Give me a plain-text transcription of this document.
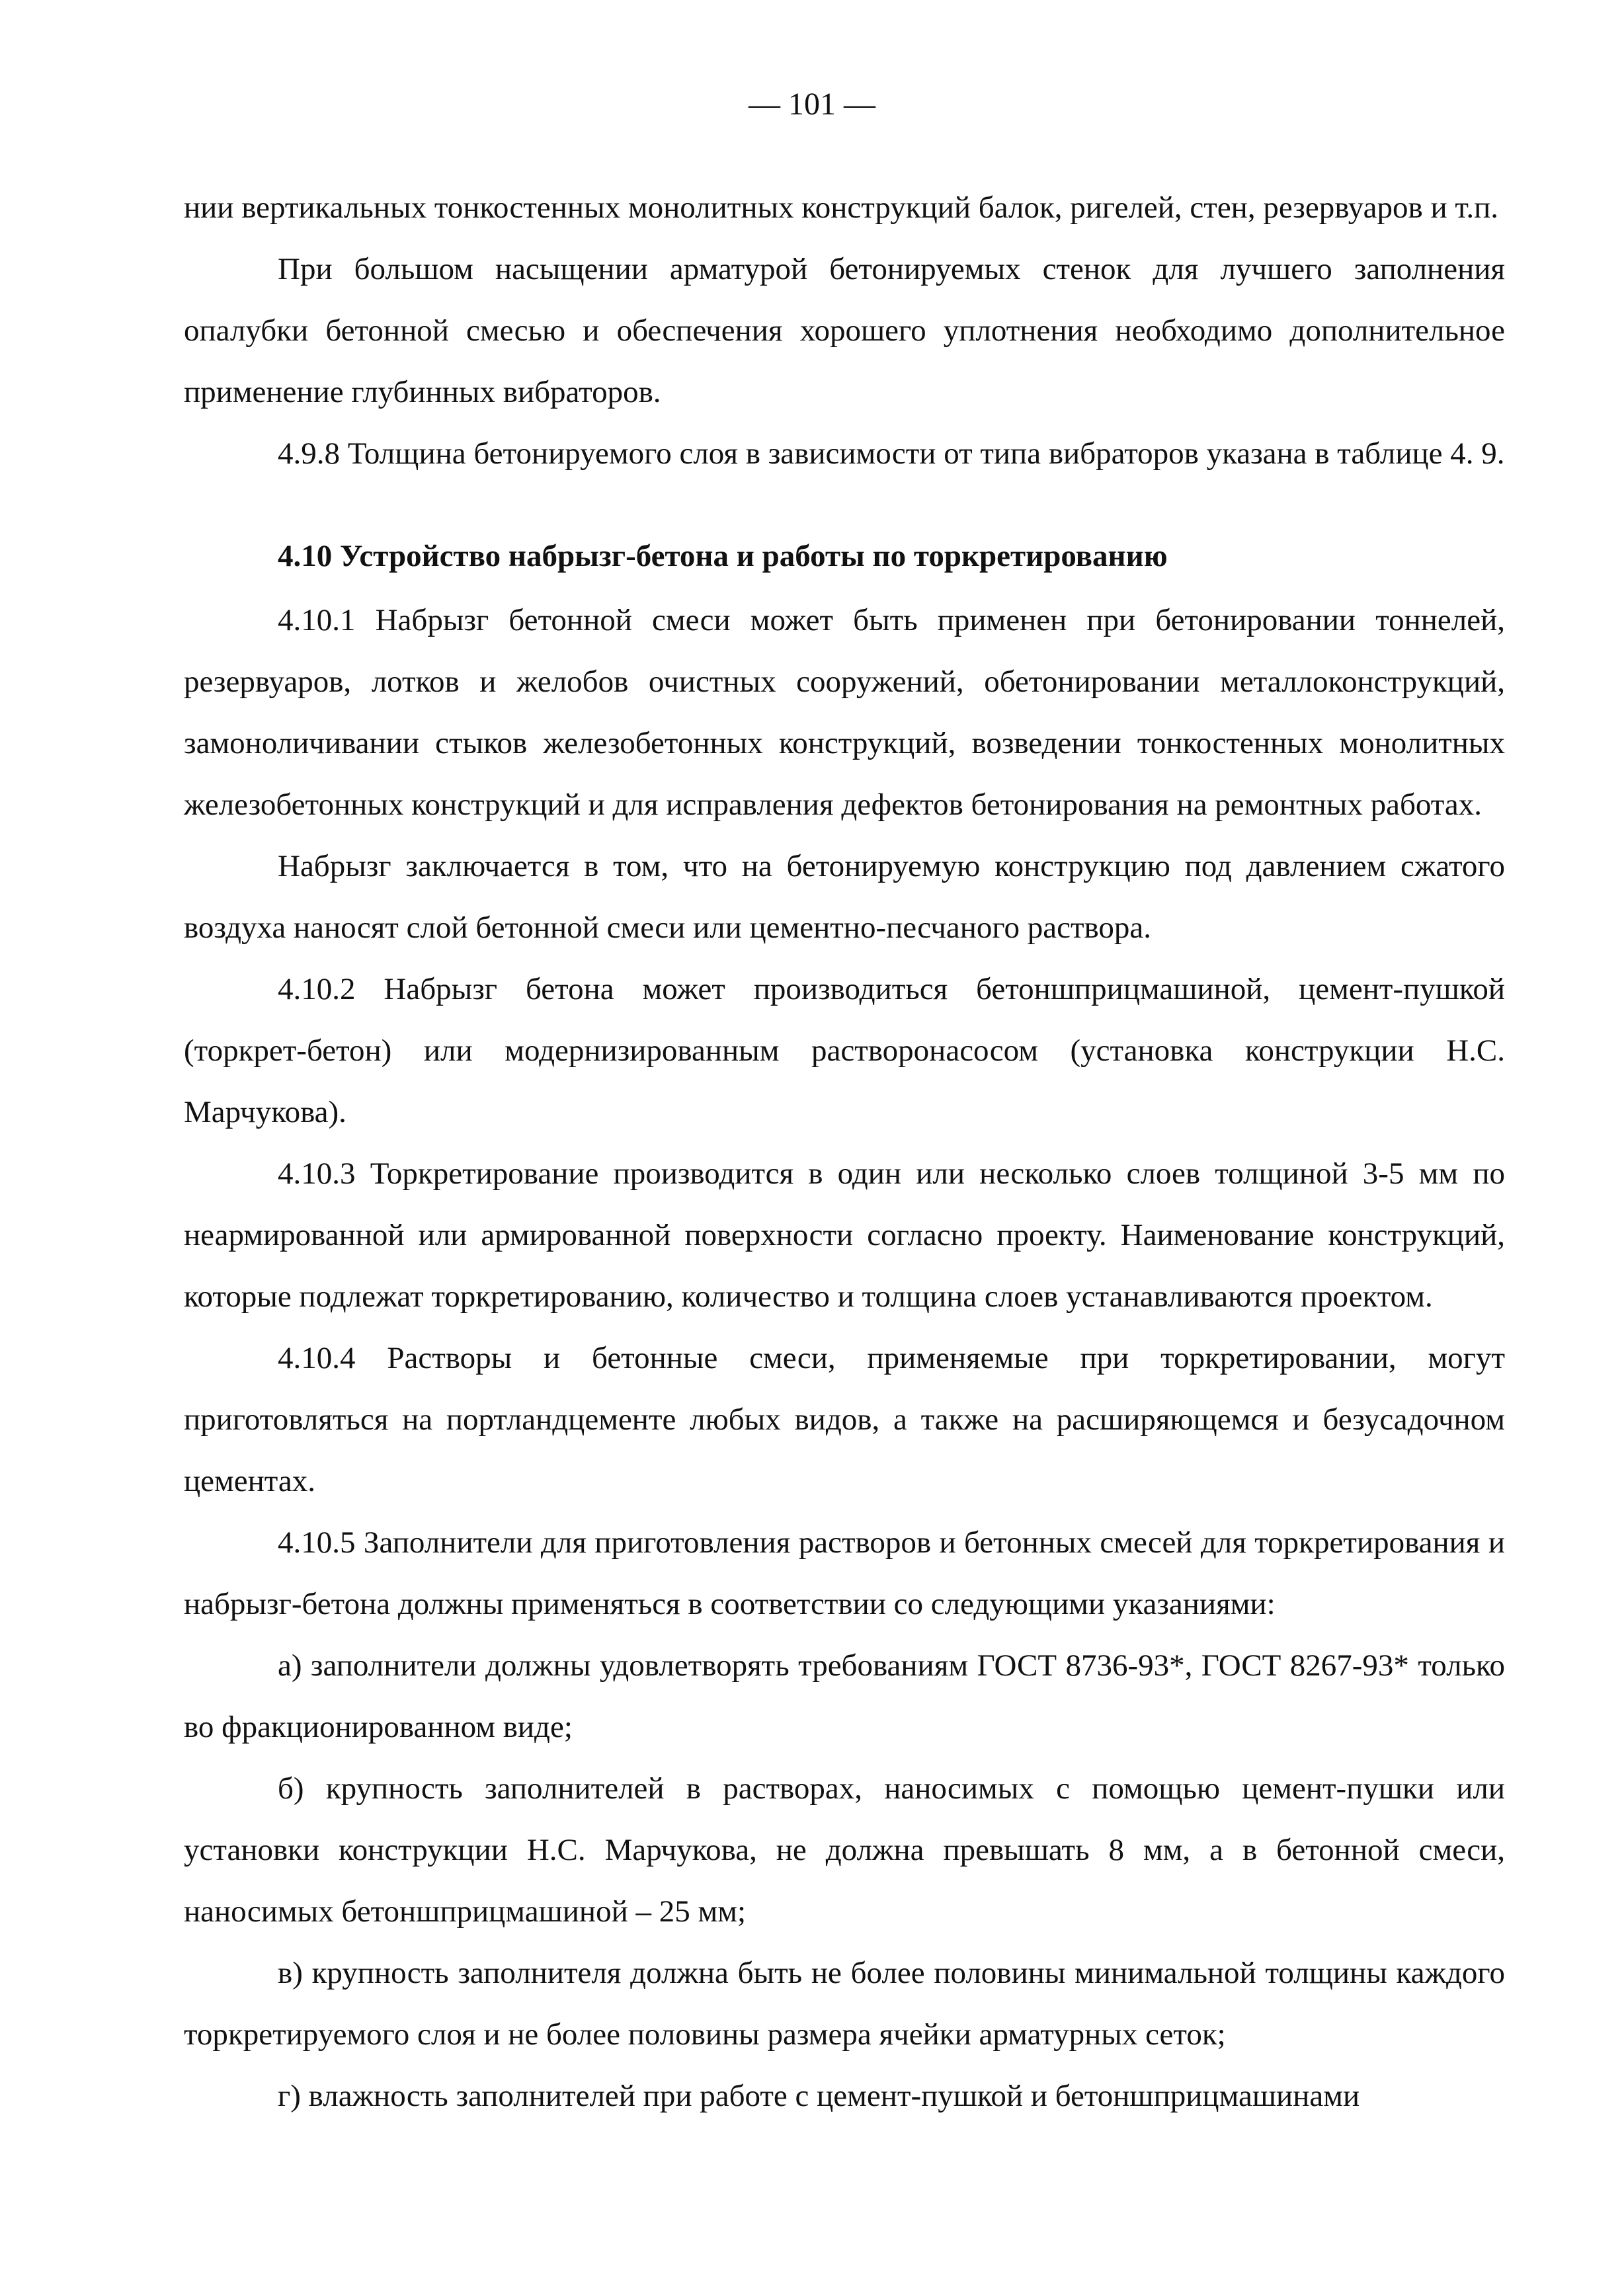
— 101 —

нии вертикальных тонкостенных монолитных конструкций балок, ригелей, стен, резервуаров и т.п.

При большом насыщении арматурой бетонируемых стенок для лучшего заполнения опалубки бетонной смесью и обеспечения хорошего уплотнения необходимо дополнительное применение глубинных вибраторов.

4.9.8 Толщина бетонируемого слоя в зависимости от типа вибраторов указана в таблице 4. 9.

4.10 Устройство набрызг-бетона и работы по торкретированию

4.10.1 Набрызг бетонной смеси может быть применен при бетонировании тоннелей, резервуаров, лотков и желобов очистных сооружений, обетонировании металлоконструкций, замоноличивании стыков железобетонных конструкций, возведении тонкостенных монолитных железобетонных конструкций и для исправления дефектов бетонирования на ремонтных работах.

Набрызг заключается в том, что на бетонируемую конструкцию под давлением сжатого воздуха наносят слой бетонной смеси или цементно-песчаного раствора.

4.10.2 Набрызг бетона может производиться бетоншприцмашиной, цемент-пушкой (торкрет-бетон) или модернизированным растворонасосом (установка конструкции Н.С. Марчукова).

4.10.3 Торкретирование производится в один или несколько слоев толщиной 3-5 мм по неармированной или армированной поверхности согласно проекту. Наименование конструкций, которые подлежат торкретированию, количество и толщина слоев устанавливаются проектом.

4.10.4 Растворы и бетонные смеси, применяемые при торкретировании, могут приготовляться на портландцементе любых видов, а также на расширяющемся и безусадочном цементах.

4.10.5 Заполнители для приготовления растворов и бетонных смесей для торкретирования и набрызг-бетона должны применяться в соответствии со следующими указаниями:

а) заполнители должны удовлетворять требованиям ГОСТ 8736-93*, ГОСТ 8267-93* только во фракционированном виде;

б) крупность заполнителей в растворах, наносимых с помощью цемент-пушки или установки конструкции Н.С. Марчукова, не должна превышать 8 мм, а в бетонной смеси, наносимых бетоншприцмашиной – 25 мм;

в) крупность заполнителя должна быть не более половины минимальной толщины каждого торкретируемого слоя и не более половины размера ячейки арматурных сеток;

г) влажность заполнителей при работе с цемент-пушкой и бетоншприцмашинами
